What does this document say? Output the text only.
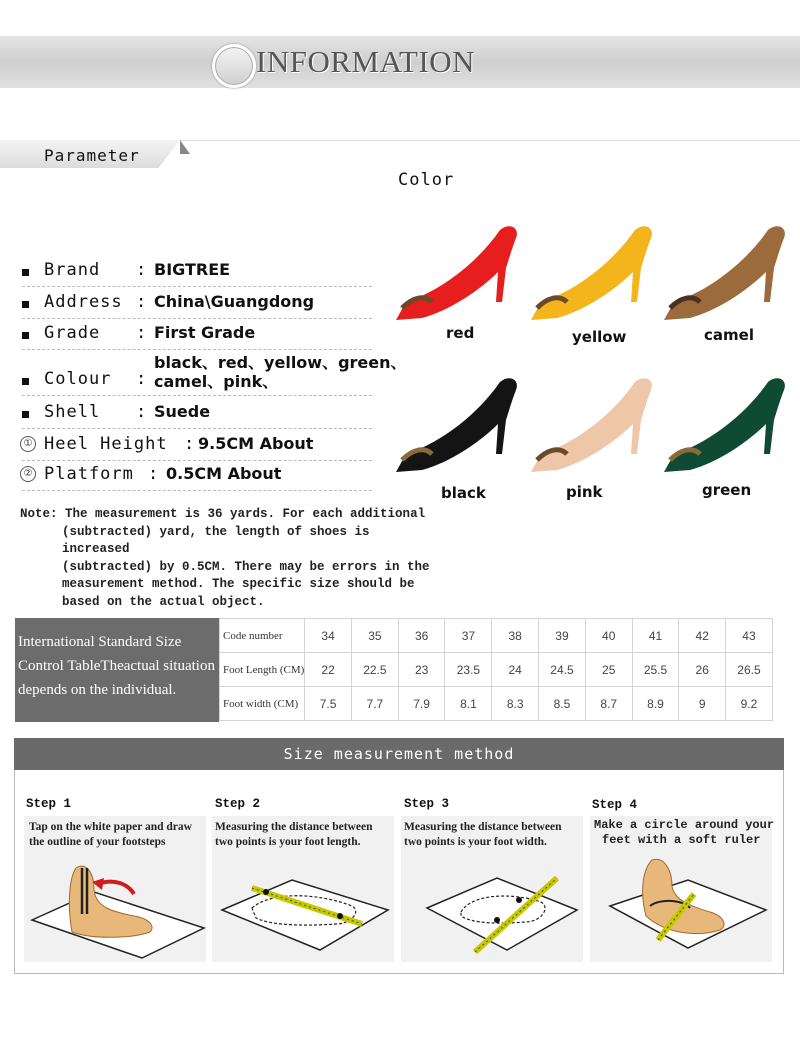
INFORMATION
Parameter
Color
Brand : BIGTREE
Address : China\Guangdong
Grade : First Grade
black、red、yellow、green、
Colour : camel、pink、
Shell : Suede
① Heel Height : 9.5CM About
② Platform : 0.5CM About

Note: The measurement is 36 yards. For each additional

(subtracted) yard, the length of shoes is increased

(subtracted) by 0.5CM. There may be errors in the

measurement method. The specific size should be

based on the actual object.

red	yellow	camel
black	pink	green
International Standard Size
Control TableTheactual situation
depends on the individual.
Code number	34	35	36	37	38	39	40	41	42	43
Foot Length (CM)	22	22.5	23	23.5	24	24.5	25	25.5	26	26.5
Foot width (CM)	7.5	7.7	7.9	8.1	8.3	8.5	8.7	8.9	9	9.2
Size measurement method
Step 1	Step 2	Step 3	Step 4
Tap on the white paper and draw
the outline of your footsteps
Measuring the distance between
two points is your foot length.
Measuring the distance between
two points is your foot width.
Make a circle around your
feet with a soft ruler
